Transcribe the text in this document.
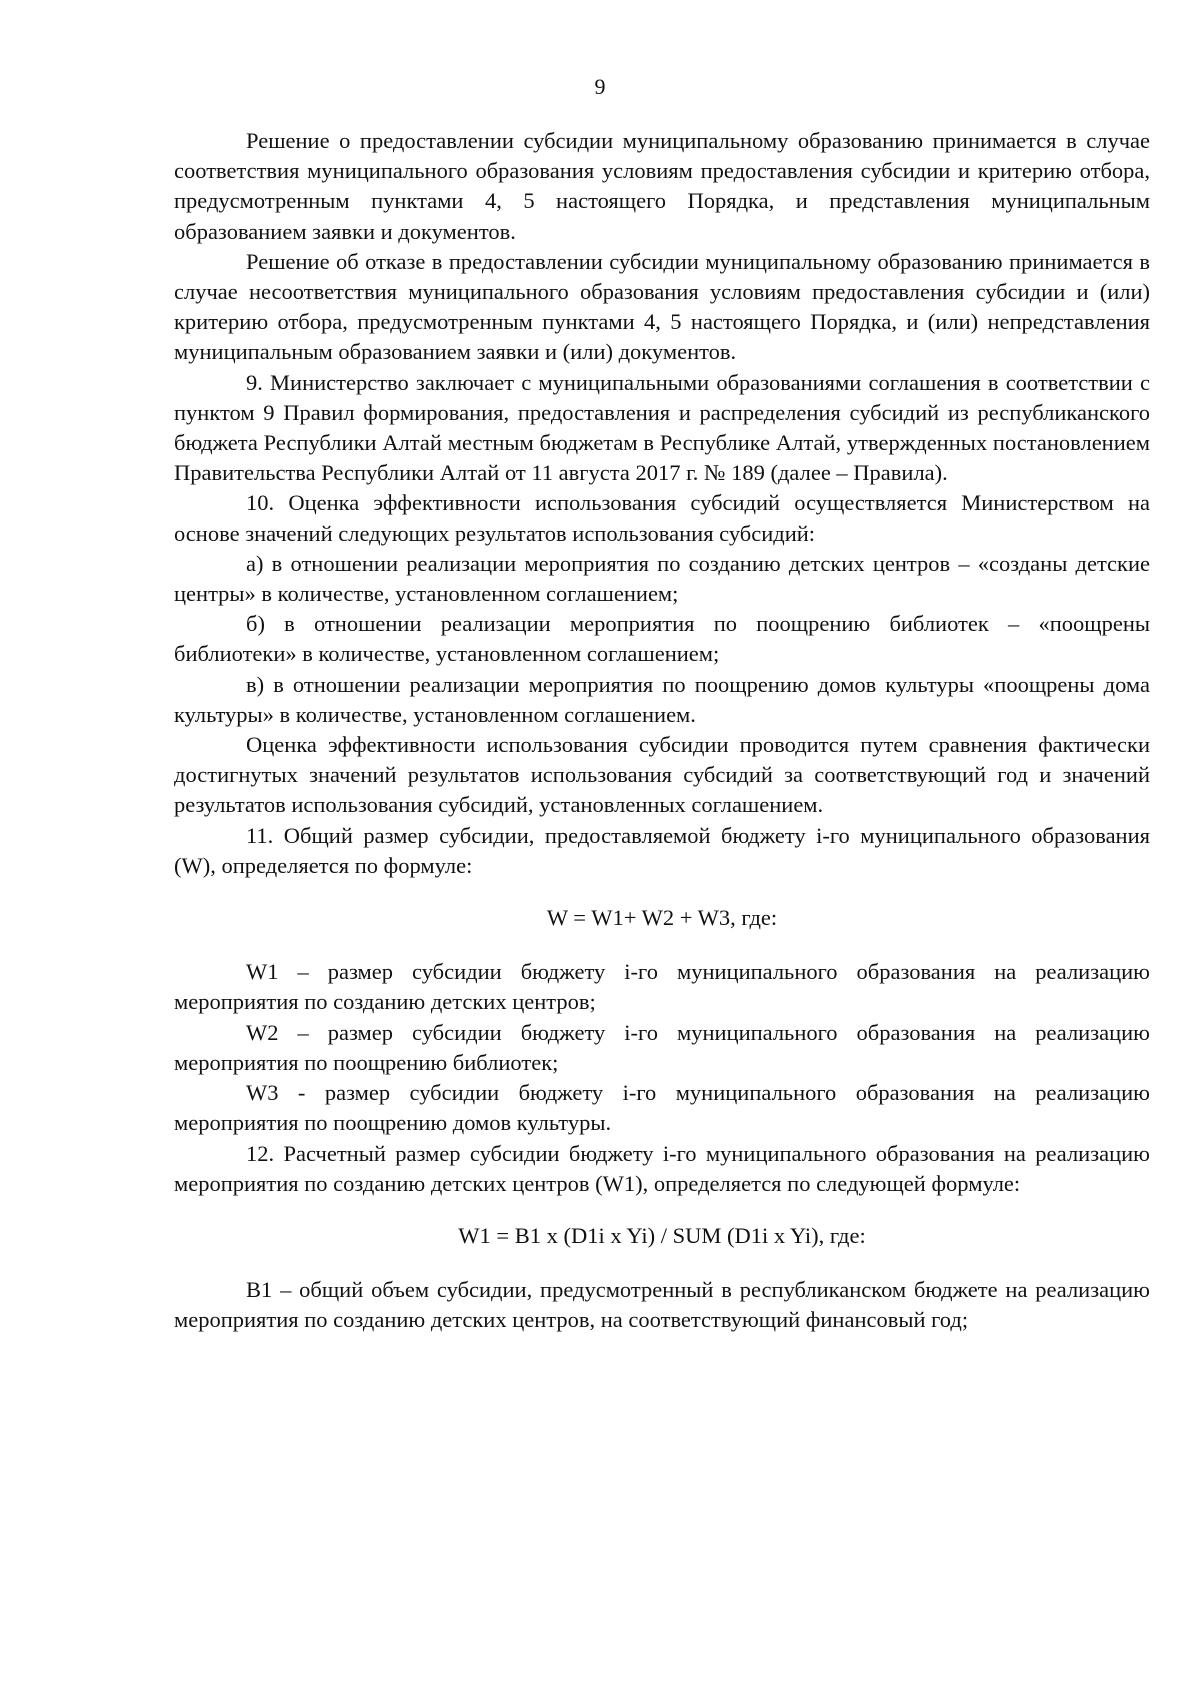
9

Решение о предоставлении субсидии муниципальному образованию принимается в случае соответствия муниципального образования условиям предоставления субсидии и критерию отбора, предусмотренным пунктами 4, 5 настоящего Порядка, и представления муниципальным образованием заявки и документов.

Решение об отказе в предоставлении субсидии муниципальному образованию принимается в случае несоответствия муниципального образования условиям предоставления субсидии и (или) критерию отбора, предусмотренным пунктами 4, 5 настоящего Порядка, и (или) непредставления муниципальным образованием заявки и (или) документов.

9. Министерство заключает с муниципальными образованиями соглашения в соответствии с пунктом 9 Правил формирования, предоставления и распределения субсидий из республиканского бюджета Республики Алтай местным бюджетам в Республике Алтай, утвержденных постановлением Правительства Республики Алтай от 11 августа 2017 г. № 189 (далее – Правила).

10. Оценка эффективности использования субсидий осуществляется Министерством на основе значений следующих результатов использования субсидий:

а) в отношении реализации мероприятия по созданию детских центров – «созданы детские центры» в количестве, установленном соглашением;

б) в отношении реализации мероприятия по поощрению библиотек – «поощрены библиотеки» в количестве, установленном соглашением;

в) в отношении реализации мероприятия по поощрению домов культуры «поощрены дома культуры» в количестве, установленном соглашением.

Оценка эффективности использования субсидии проводится путем сравнения фактически достигнутых значений результатов использования субсидий за соответствующий год и значений результатов использования субсидий, установленных соглашением.

11. Общий размер субсидии, предоставляемой бюджету i-го муниципального образования (W), определяется по формуле:

W = W1+ W2 + W3, где:

W1 – размер субсидии бюджету i-го муниципального образования на реализацию мероприятия по созданию детских центров;

W2 – размер субсидии бюджету i-го муниципального образования на реализацию мероприятия по поощрению библиотек;

W3 - размер субсидии бюджету i-го муниципального образования на реализацию мероприятия по поощрению домов культуры.

12. Расчетный размер субсидии бюджету i-го муниципального образования на реализацию мероприятия по созданию детских центров (W1), определяется по следующей формуле:

W1 = B1 x (D1i x Yi) / SUM (D1i x Yi), где:

B1 – общий объем субсидии, предусмотренный в республиканском бюджете на реализацию мероприятия по созданию детских центров, на соответствующий финансовый год;
